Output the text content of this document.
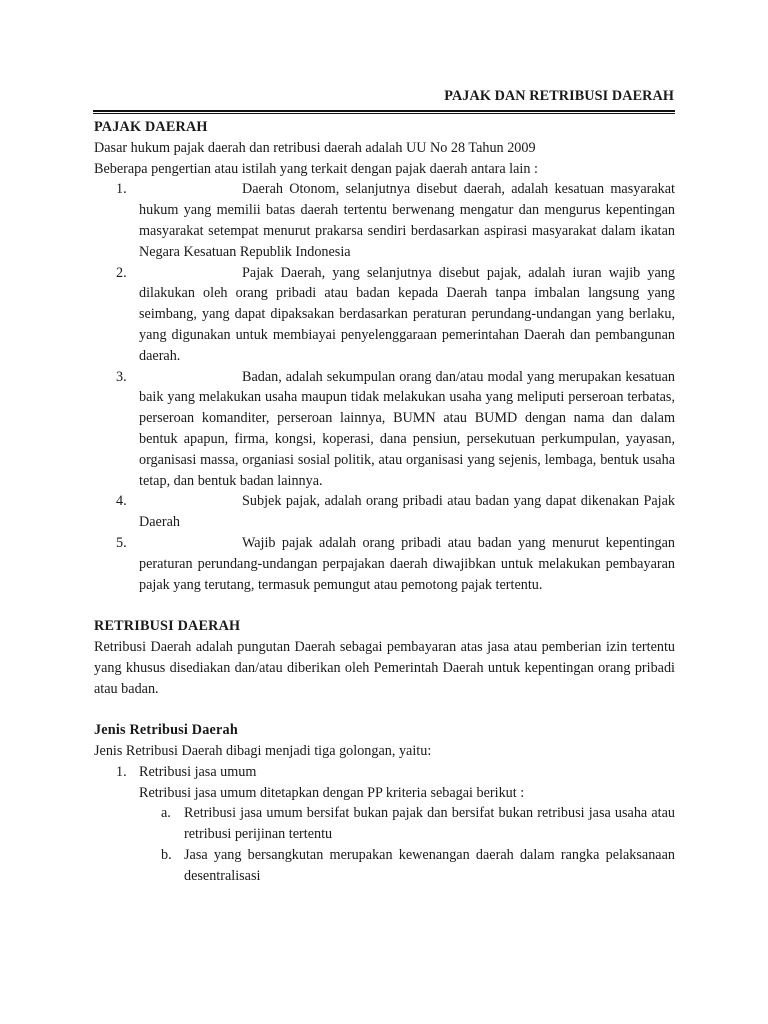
PAJAK DAN RETRIBUSI DAERAH
PAJAK DAERAH

Dasar hukum pajak daerah dan retribusi daerah adalah UU No 28 Tahun 2009

Beberapa pengertian atau istilah yang terkait dengan pajak daerah antara lain :

1.	Daerah Otonom, selanjutnya disebut daerah, adalah kesatuan masyarakat hukum yang memilii batas daerah tertentu berwenang mengatur dan mengurus kepentingan masyarakat setempat menurut prakarsa sendiri berdasarkan aspirasi masyarakat dalam ikatan Negara Kesatuan Republik Indonesia
2.	Pajak Daerah, yang selanjutnya disebut pajak, adalah iuran wajib yang dilakukan oleh orang pribadi atau badan kepada Daerah tanpa imbalan langsung yang seimbang, yang dapat dipaksakan berdasarkan peraturan perundang-undangan yang berlaku, yang digunakan untuk membiayai penyelenggaraan pemerintahan Daerah dan pembangunan daerah.
3.	Badan, adalah sekumpulan orang dan/atau modal yang merupakan kesatuan baik yang melakukan usaha maupun tidak melakukan usaha yang meliputi perseroan terbatas, perseroan komanditer, perseroan lainnya, BUMN atau BUMD dengan nama dan dalam bentuk apapun, firma, kongsi, koperasi, dana pensiun, persekutuan perkumpulan, yayasan, organisasi massa, organiasi sosial politik, atau organisasi yang sejenis, lembaga, bentuk usaha tetap, dan bentuk badan lainnya.
4.	Subjek pajak, adalah orang pribadi atau badan yang dapat dikenakan Pajak Daerah
5.	Wajib pajak adalah orang pribadi atau badan yang menurut kepentingan peraturan perundang-undangan perpajakan daerah diwajibkan untuk melakukan pembayaran pajak yang terutang, termasuk pemungut atau pemotong pajak tertentu.
RETRIBUSI DAERAH

Retribusi Daerah adalah pungutan Daerah sebagai pembayaran atas jasa atau pemberian izin tertentu yang khusus disediakan dan/atau diberikan oleh Pemerintah Daerah untuk kepentingan orang pribadi atau badan.

Jenis Retribusi Daerah

Jenis Retribusi Daerah dibagi menjadi tiga golongan, yaitu:

1. Retribusi jasa umum
Retribusi jasa umum ditetapkan dengan PP kriteria sebagai berikut :
a. Retribusi jasa umum bersifat bukan pajak dan bersifat bukan retribusi jasa usaha atau retribusi perijinan tertentu
b. Jasa yang bersangkutan merupakan kewenangan daerah dalam rangka pelaksanaan desentralisasi
